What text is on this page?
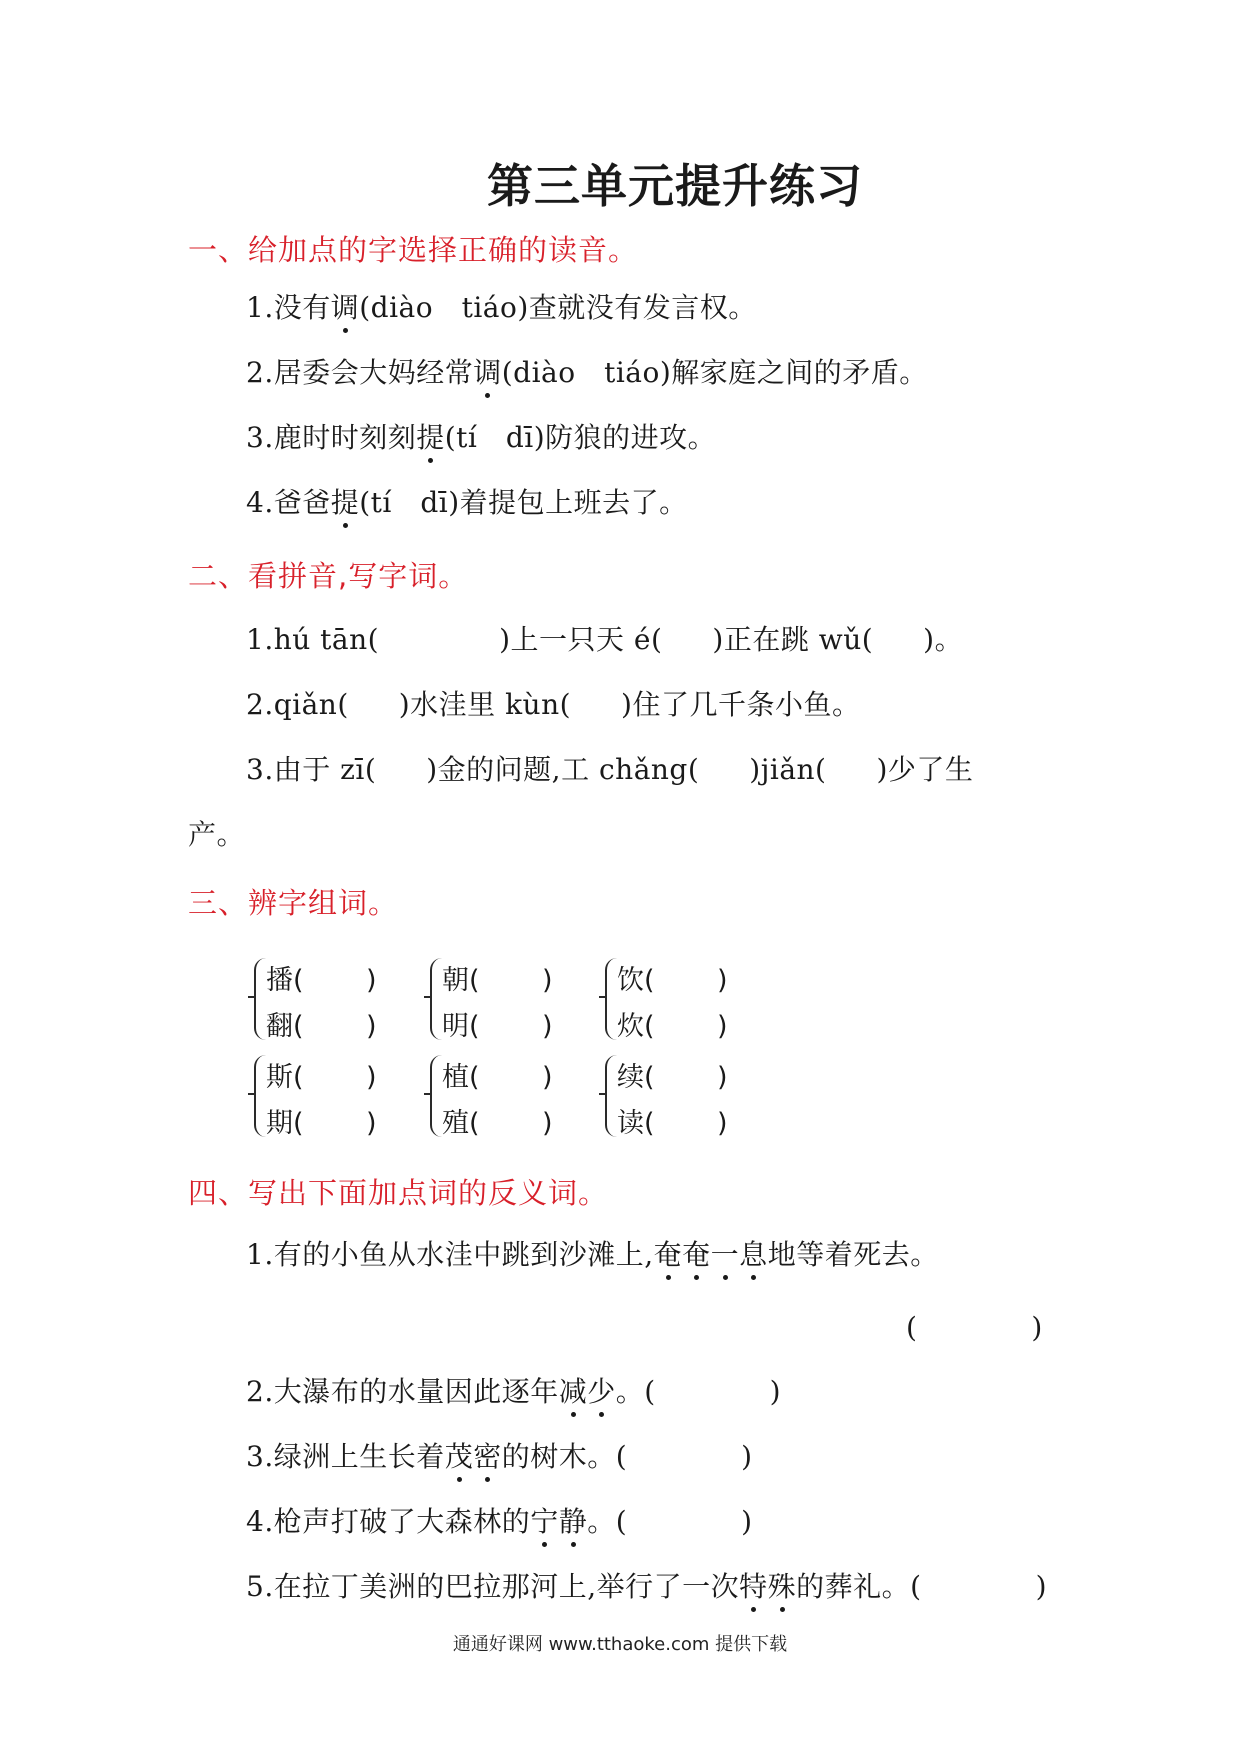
第三单元提升练习
一、给加点的字选择正确的读音。
1.没有调(diào　tiáo)查就没有发言权。
2.居委会大妈经常调(diào　tiáo)解家庭之间的矛盾。
3.鹿时时刻刻提(tí　dī)防狼的进攻。
4.爸爸提(tí　dī)着提包上班去了。
二、看拼音,写字词。
1.hú tān(	)上一只天 é( )正在跳 wǔ( )。
2.qiǎn( )水洼里 kùn( )住了几千条小鱼。
3.由于 zī( )金的问题,工 chǎng( )jiǎn( )少了生
产。
三、辨字组词。
播( )
翻( )
朝( )
明( )
饮( )
炊( )
斯( )
期( )
植( )
殖( )
续( )
读( )
四、写出下面加点词的反义词。
1.有的小鱼从水洼中跳到沙滩上,奄奄一息地等着死去。
(　　　　)
2.大瀑布的水量因此逐年减少。(　　　　)
3.绿洲上生长着茂密的树木。(　　　　)
4.枪声打破了大森林的宁静。(　　　　)
5.在拉丁美洲的巴拉那河上,举行了一次特殊的葬礼。(　　　　)
通通好课网 www.tthaoke.com 提供下载
